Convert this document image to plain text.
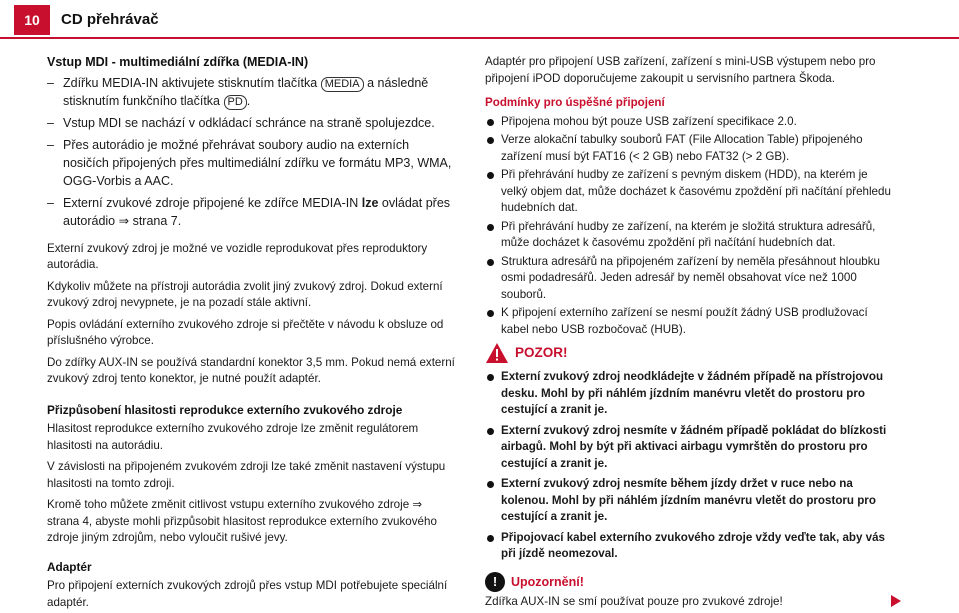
10 CD přehrávač
Vstup MDI - multimediální zdířka (MEDIA-IN)
– Zdířku MEDIA-IN aktivujete stisknutím tlačítka MEDIA a následně stisknutím funkčního tlačítka PD .
– Vstup MDI se nachází v odkládací schránce na straně spolujezdce.
– Přes autorádio je možné přehrávat soubory audio na externích nosičích připojených přes multimediální zdířku ve formátu MP3, WMA, OGG-Vorbis a AAC.
– Externí zvukové zdroje připojené ke zdířce MEDIA-IN lze ovládat přes autorádio ⇒ strana 7.

Externí zvukový zdroj je možné ve vozidle reprodukovat přes reproduktory autorádia.

Kdykoliv můžete na přístroji autorádia zvolit jiný zvukový zdroj. Dokud externí zvukový zdroj nevypnete, je na pozadí stále aktivní.

Popis ovládání externího zvukového zdroje si přečtěte v návodu k obsluze od příslušného výrobce.

Do zdířky AUX-IN se používá standardní konektor 3,5 mm. Pokud nemá externí zvukový zdroj tento konektor, je nutné použít adaptér.

Přizpůsobení hlasitosti reprodukce externího zvukového zdroje

Hlasitost reprodukce externího zvukového zdroje lze změnit regulátorem hlasitosti na autorádiu.

V závislosti na připojeném zvukovém zdroji lze také změnit nastavení výstupu hlasitosti na tomto zdroji.

Kromě toho můžete změnit citlivost vstupu externího zvukového zdroje ⇒ strana 4, abyste mohli přizpůsobit hlasitost reprodukce externího zvukového zdroje jiným zdrojům, nebo vyloučit rušivé jevy.

Adaptér

Pro připojení externích zvukových zdrojů přes vstup MDI potřebujete speciální adaptér.

Adaptér pro připojení USB zařízení, zařízení s mini-USB výstupem nebo pro připojení iPOD doporučujeme zakoupit u servisního partnera Škoda.

Podmínky pro úspěšné připojení
Připojena mohou být pouze USB zařízení specifikace 2.0.
Verze alokační tabulky souborů FAT (File Allocation Table) připojeného zařízení musí být FAT16 (< 2 GB) nebo FAT32 (> 2 GB).
Při přehrávání hudby ze zařízení s pevným diskem (HDD), na kterém je velký objem dat, může docházet k časovému zpoždění při načítání přehledu hudebních dat.
Při přehrávání hudby ze zařízení, na kterém je složitá struktura adresářů, může docházet k časovému zpoždění při načítání hudebních dat.
Struktura adresářů na připojeném zařízení by neměla přesáhnout hloubku osmi podadresářů. Jeden adresář by neměl obsahovat více než 1000 souborů.
K připojení externího zařízení se nesmí použít žádný USB prodlužovací kabel nebo USB rozbočovač (HUB).
POZOR!
Externí zvukový zdroj neodkládejte v žádném případě na přístrojovou desku. Mohl by při náhlém jízdním manévru vletět do prostoru pro cestující a zranit je.
Externí zvukový zdroj nesmíte v žádném případě pokládat do blízkosti airbagů. Mohl by být při aktivaci airbagu vymrštěn do prostoru pro cestující a zranit je.
Externí zvukový zdroj nesmíte během jízdy držet v ruce nebo na kolenou. Mohl by při náhlém jízdním manévru vletět do prostoru pro cestující a zranit je.
Připojovací kabel externího zvukového zdroje vždy veďte tak, aby vás při jízdě neomezoval.
!	Upozornění!

Zdířka AUX-IN se smí používat pouze pro zvukové zdroje!
